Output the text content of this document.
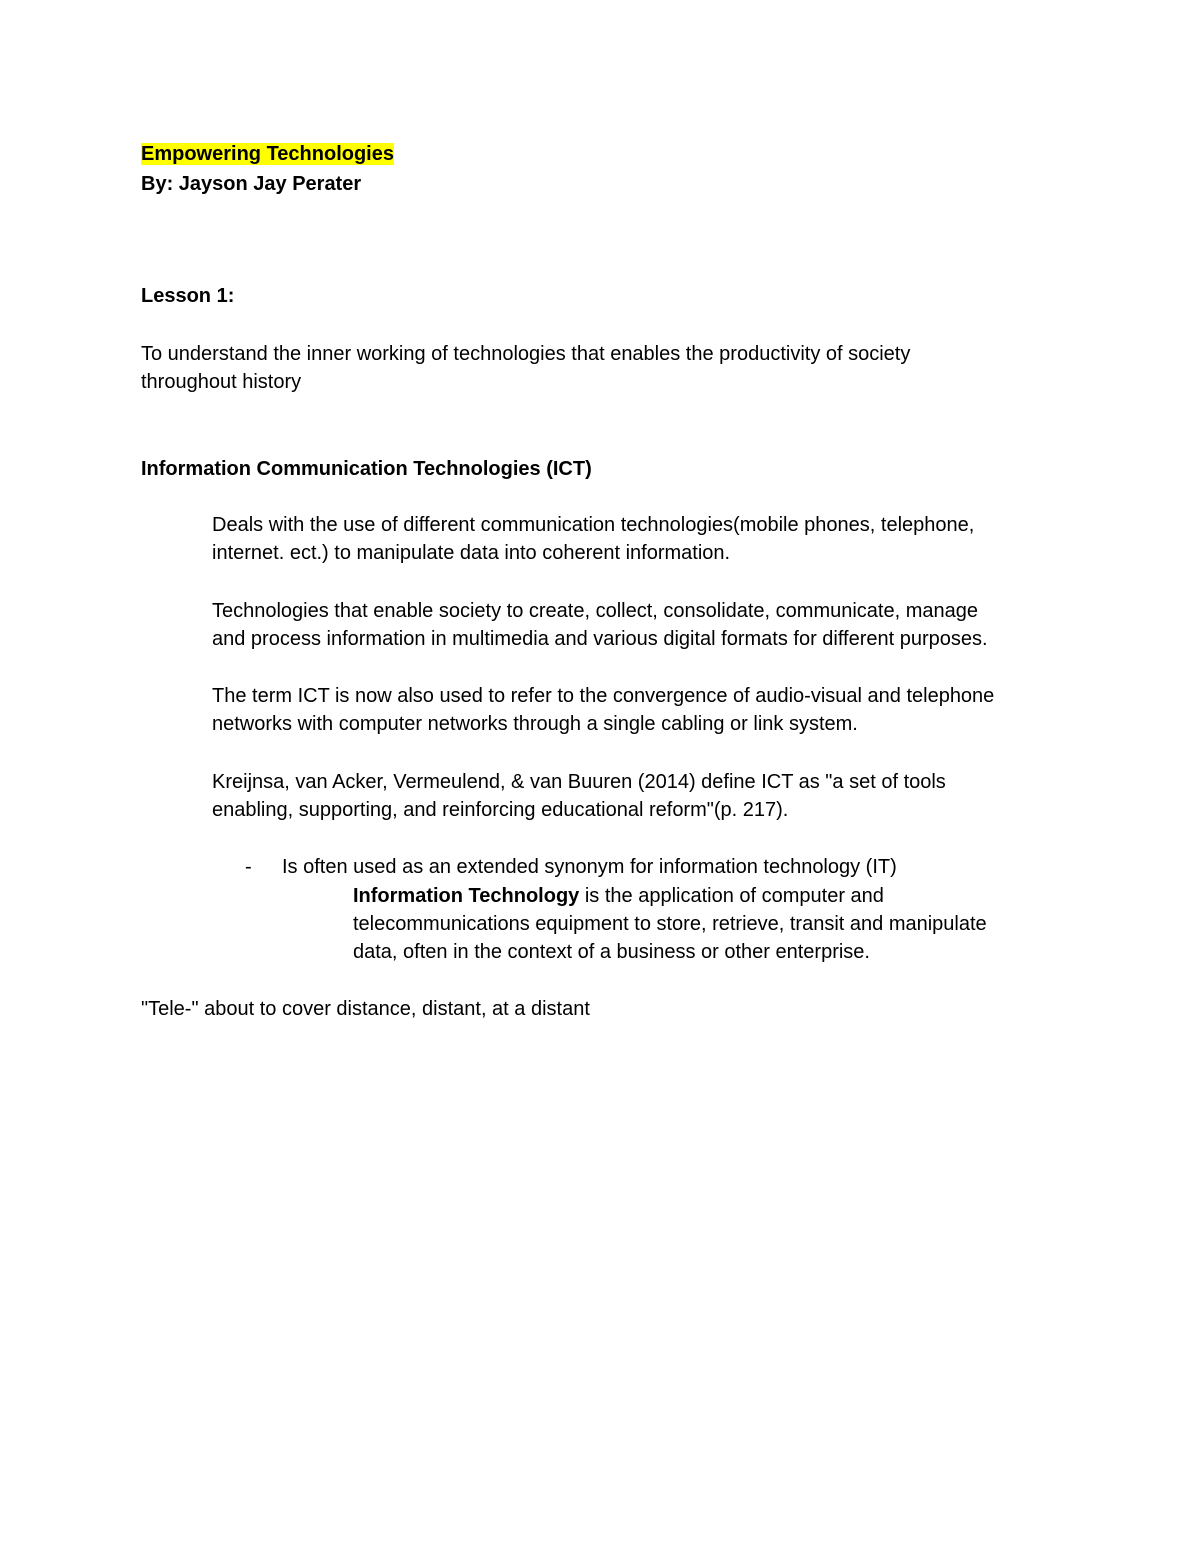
Empowering Technologies
By: Jayson Jay Perater
Lesson 1:
To understand the inner working of technologies that enables the productivity of society
throughout history
Information Communication Technologies (ICT)
Deals with the use of different communication technologies(mobile phones, telephone,
internet. ect.) to manipulate data into coherent information.
Technologies that enable society to create, collect, consolidate, communicate, manage
and process information in multimedia and various digital formats for different purposes.
The term ICT is now also used to refer to the convergence of audio-visual and telephone
networks with computer networks through a single cabling or link system.
Kreijnsa, van Acker, Vermeulend, & van Buuren (2014) define ICT as "a set of tools
enabling, supporting, and reinforcing educational reform"(p. 217).
- Is often used as an extended synonym for information technology (IT)
Information Technology is the application of computer and
telecommunications equipment to store, retrieve, transit and manipulate
data, often in the context of a business or other enterprise.
"Tele-" about to cover distance, distant, at a distant
